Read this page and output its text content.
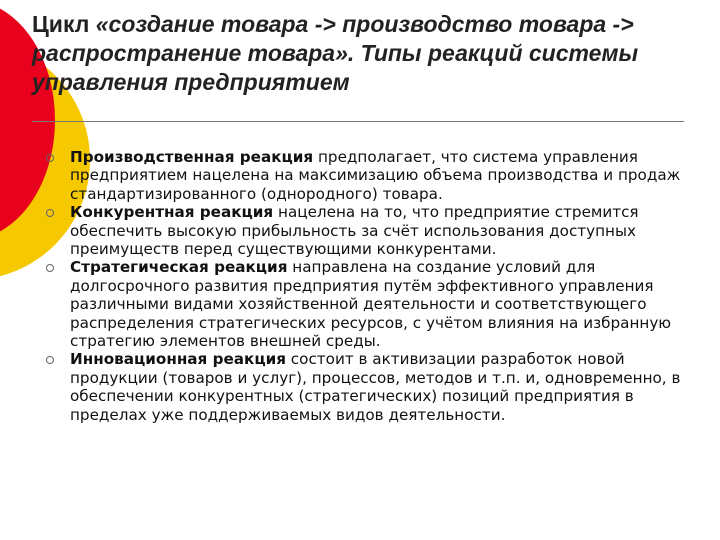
Цикл «создание товара -> производство товара -> распространение товара». Типы реакций системы управления предприятием
Производственная реакция предполагает, что система управления предприятием нацелена на максимизацию объема производства и продаж стандартизированного (однородного) товара.
Конкурентная реакция нацелена на то, что предприятие стремится обеспечить высокую прибыльность за счёт использования доступных преимуществ перед существующими конкурентами.
Стратегическая реакция направлена на создание условий для долгосрочного развития предприятия путём эффективного управления различными видами хозяйственной деятельности и соответствующего распределения стратегических ресурсов, с учётом влияния на избранную стратегию элементов внешней среды.
Инновационная реакция состоит в активизации разработок новой продукции (товаров и услуг), процессов, методов и т.п. и, одновременно, в обеспечении конкурентных (стратегических) позиций предприятия в пределах уже поддерживаемых видов деятельности.
